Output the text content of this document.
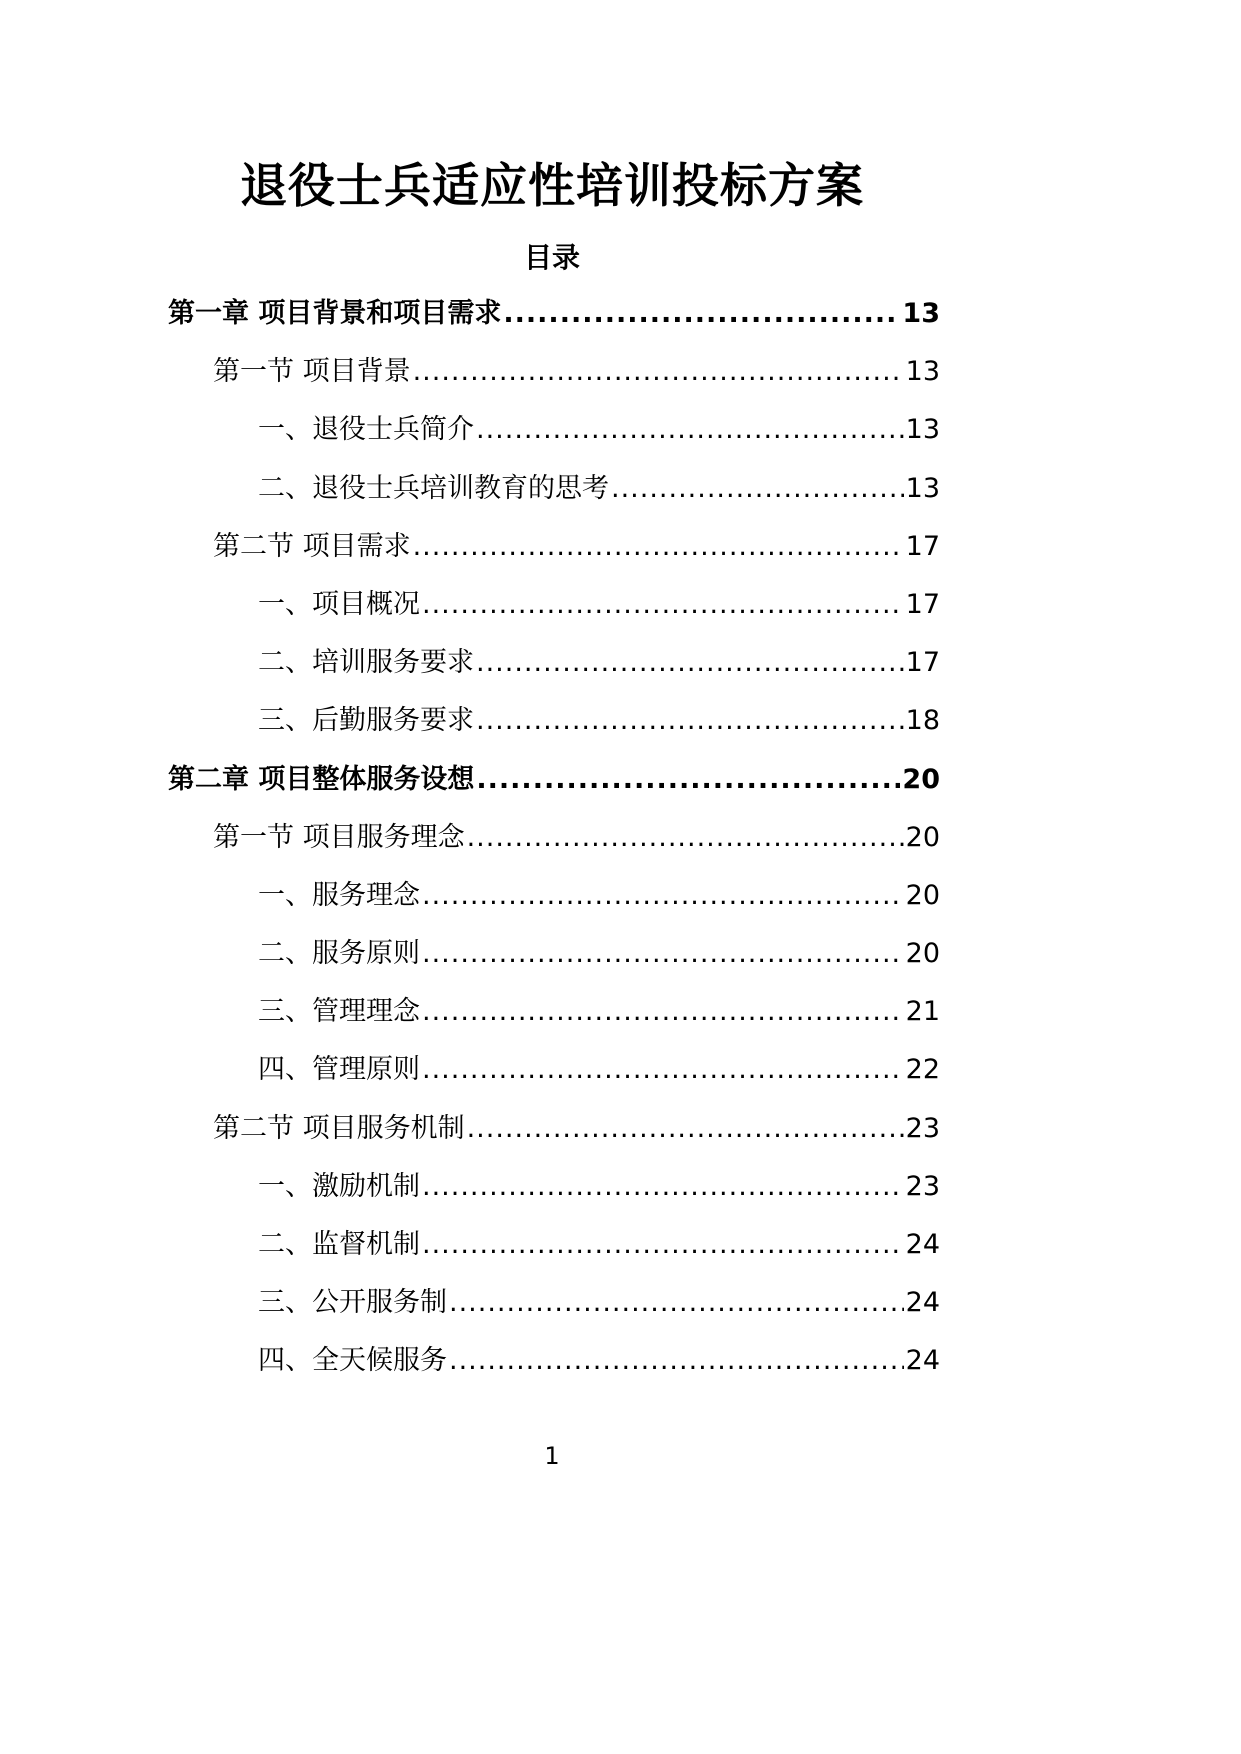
退役士兵适应性培训投标方案
目录
第一章 项目背景和项目需求 .....	13
第一节 项目背景 .....	13
一、退役士兵简介 .....	13
二、退役士兵培训教育的思考 .....	13
第二节 项目需求 .....	17
一、项目概况 .....	17
二、培训服务要求 .....	17
三、后勤服务要求 .....	18
第二章 项目整体服务设想 .....	20
第一节 项目服务理念 .....	20
一、服务理念 .....	20
二、服务原则 .....	20
三、管理理念 .....	21
四、管理原则 .....	22
第二节 项目服务机制 .....	23
一、激励机制 .....	23
二、监督机制 .....	24
三、公开服务制 .....	24
四、全天候服务 .....	24
1
